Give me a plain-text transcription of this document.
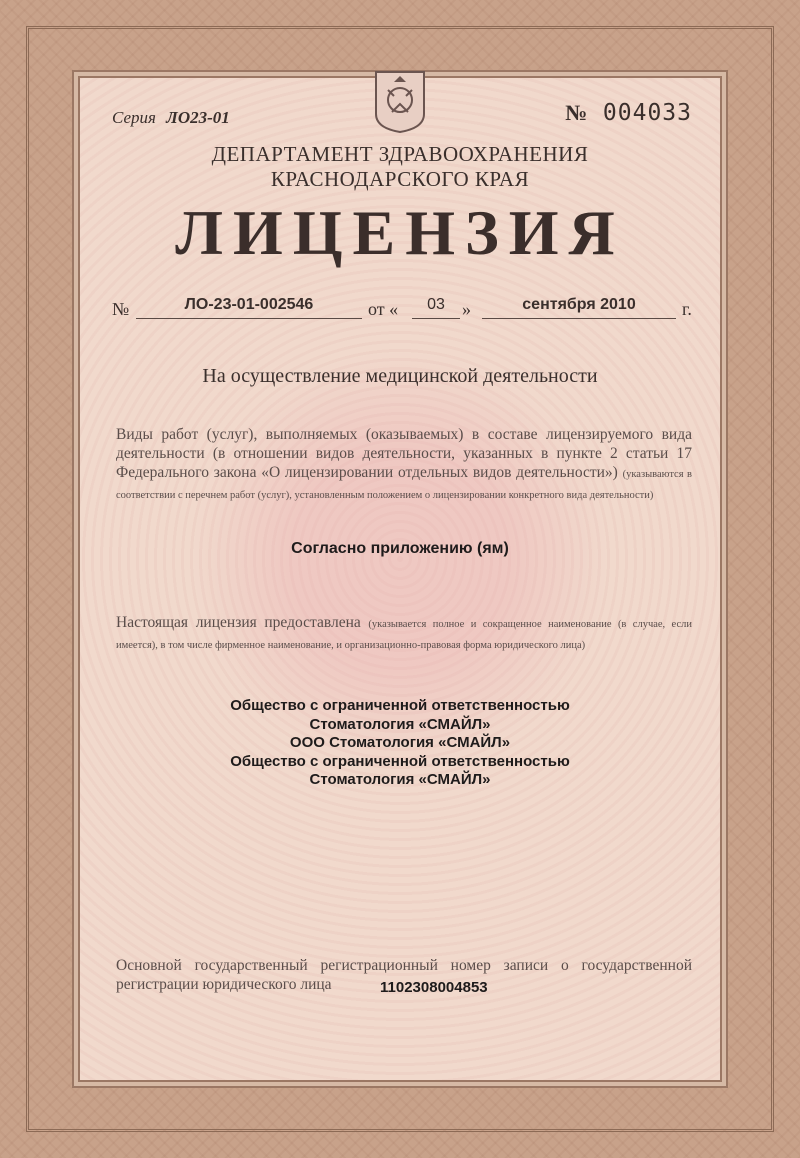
Серия ЛО23-01	№ 004033
ДЕПАРТАМЕНТ ЗДРАВООХРАНЕНИЯ
КРАСНОДАРСКОГО КРАЯ
ЛИЦЕНЗИЯ
№	ЛО-23-01-002546	от «	03 »	сентября 2010	г.
На осуществление медицинской деятельности
Виды работ (услуг), выполняемых (оказываемых) в составе лицензируемого вида деятельности (в отношении видов деятельности, указанных в пункте 2 статьи 17 Федерального закона «О лицензировании отдельных видов деятельности») (указываются в соответствии с перечнем работ (услуг), установленным положением о лицензировании конкретного вида деятельности)
Согласно приложению (ям)
Настоящая лицензия предоставлена (указывается полное и сокращенное наименование (в случае, если имеется), в том числе фирменное наименование, и организационно-правовая форма юридического лица)
Общество с ограниченной ответственностью
Стоматология «СМАЙЛ»
ООО Стоматология «СМАЙЛ»
Общество с ограниченной ответственностью
Стоматология «СМАЙЛ»
Основной государственный регистрационный номер записи о государственной регистрации юридического лица	1102308004853
